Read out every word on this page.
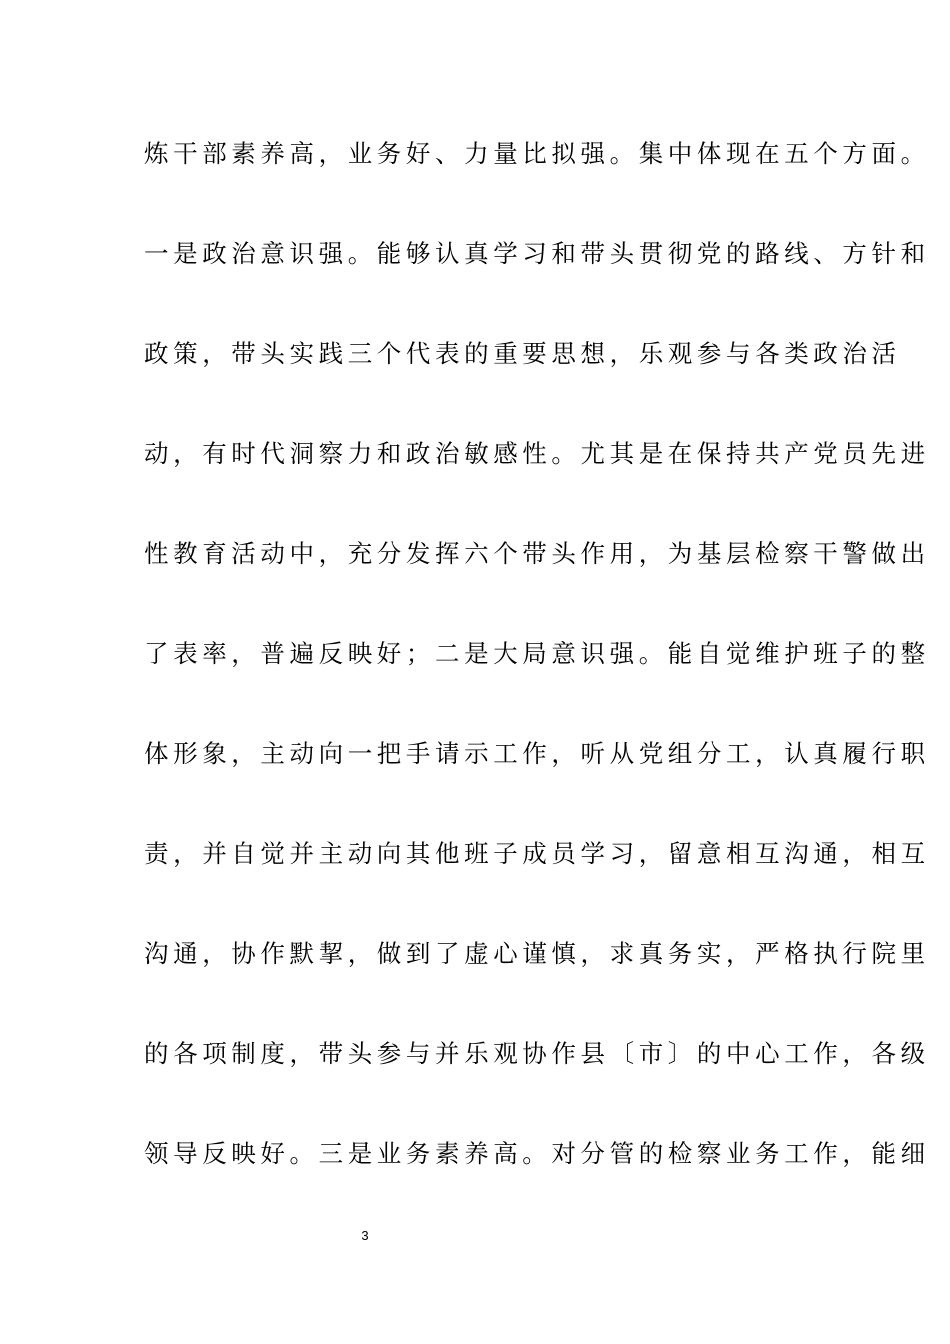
炼干部素养高，业务好、力量比拟强。集中体现在五个方面。
一是政治意识强。能够认真学习和带头贯彻党的路线、方针和
政策，带头实践三个代表的重要思想，乐观参与各类政治活
动，有时代洞察力和政治敏感性。尤其是在保持共产党员先进
性教育活动中，充分发挥六个带头作用，为基层检察干警做出
了表率，普遍反映好；二是大局意识强。能自觉维护班子的整
体形象，主动向一把手请示工作，听从党组分工，认真履行职
责，并自觉并主动向其他班子成员学习，留意相互沟通，相互
沟通，协作默挈，做到了虚心谨慎，求真务实，严格执行院里
的各项制度，带头参与并乐观协作县〔市〕的中心工作，各级
领导反映好。三是业务素养高。对分管的检察业务工作，能细
3
